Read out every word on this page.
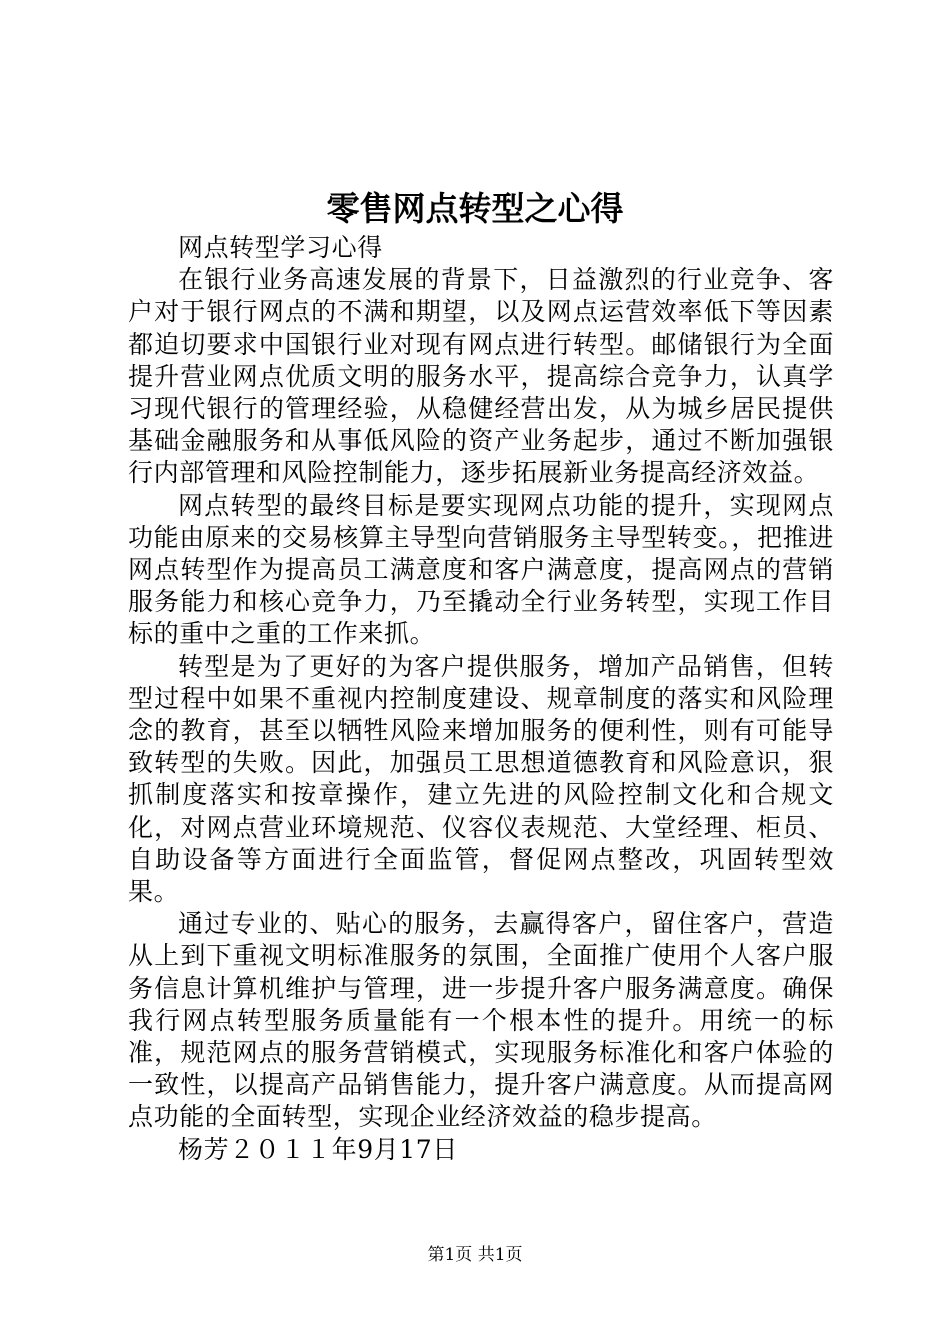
零售网点转型之心得

网点转型学习心得

在银行业务高速发展的背景下，日益激烈的行业竞争、客户对于银行网点的不满和期望，以及网点运营效率低下等因素都迫切要求中国银行业对现有网点进行转型。邮储银行为全面提升营业网点优质文明的服务水平，提高综合竞争力，认真学习现代银行的管理经验，从稳健经营出发，从为城乡居民提供基础金融服务和从事低风险的资产业务起步，通过不断加强银行内部管理和风险控制能力，逐步拓展新业务提高经济效益。

网点转型的最终目标是要实现网点功能的提升，实现网点功能由原来的交易核算主导型向营销服务主导型转变。，把推进网点转型作为提高员工满意度和客户满意度，提高网点的营销服务能力和核心竞争力，乃至撬动全行业务转型，实现工作目标的重中之重的工作来抓。

转型是为了更好的为客户提供服务，增加产品销售，但转型过程中如果不重视内控制度建设、规章制度的落实和风险理念的教育，甚至以牺牲风险来增加服务的便利性，则有可能导致转型的失败。因此，加强员工思想道德教育和风险意识，狠抓制度落实和按章操作，建立先进的风险控制文化和合规文化，对网点营业环境规范、仪容仪表规范、大堂经理、柜员、自助设备等方面进行全面监管，督促网点整改，巩固转型效果。

通过专业的、贴心的服务，去赢得客户，留住客户，营造从上到下重视文明标准服务的氛围，全面推广使用个人客户服务信息计算机维护与管理，进一步提升客户服务满意度。确保我行网点转型服务质量能有一个根本性的提升。用统一的标准，规范网点的服务营销模式，实现服务标准化和客户体验的一致性，以提高产品销售能力，提升客户满意度。从而提高网点功能的全面转型，实现企业经济效益的稳步提高。

杨芳２０１１年9月17日

第1页 共1页
